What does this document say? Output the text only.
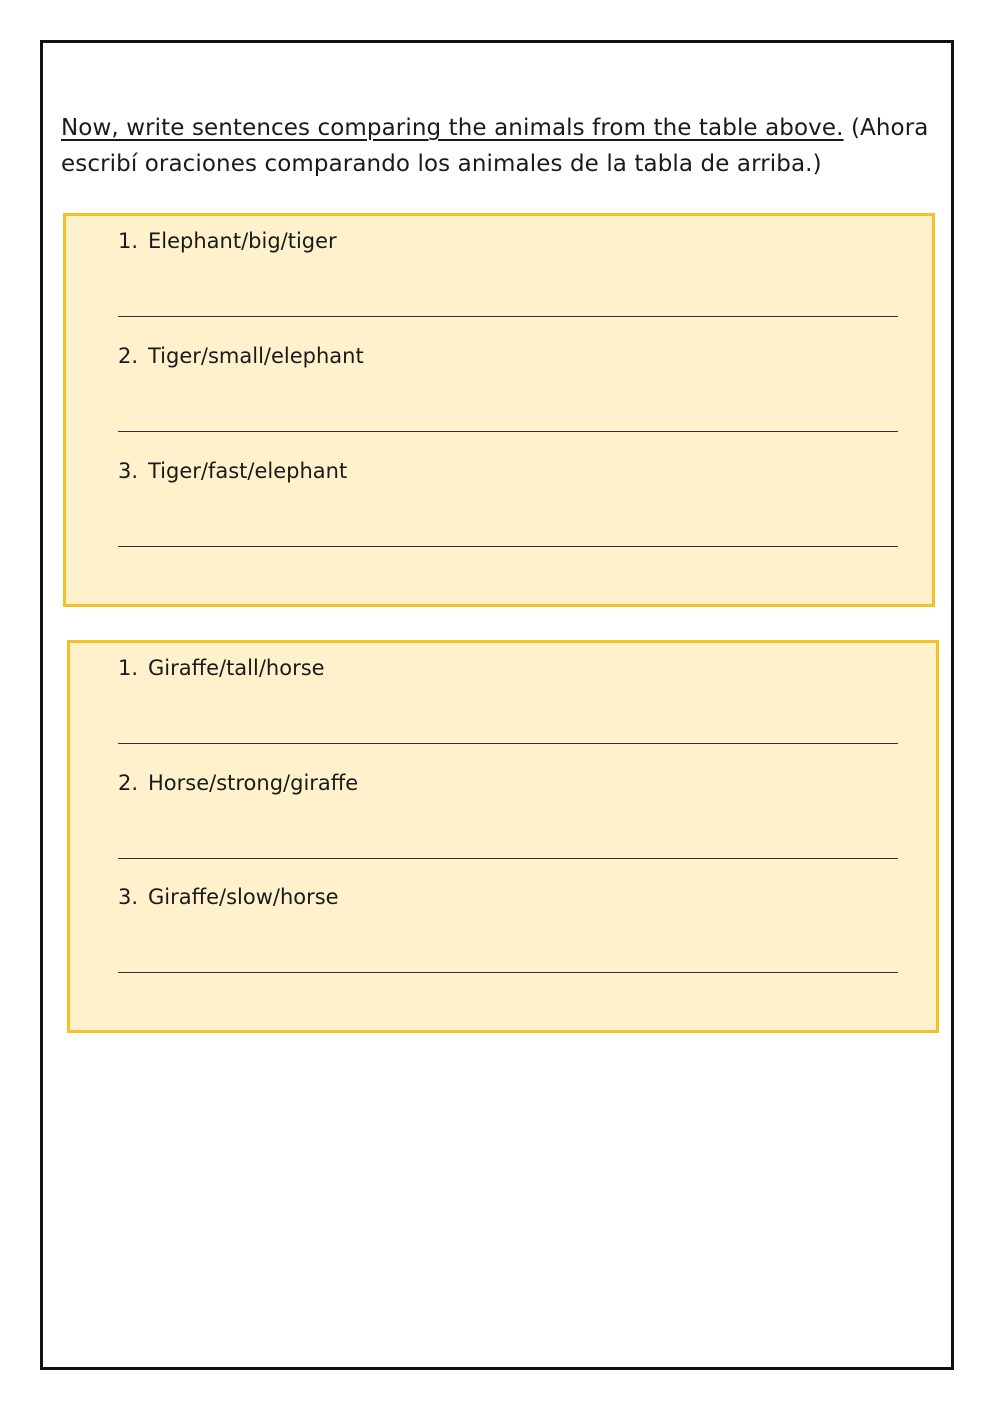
Now, write sentences comparing the animals from the table above. (Ahora escribí oraciones comparando los animales de la tabla de arriba.)
1. Elephant/big/tiger
2. Tiger/small/elephant
3. Tiger/fast/elephant
1. Giraffe/tall/horse
2. Horse/strong/giraffe
3. Giraffe/slow/horse
